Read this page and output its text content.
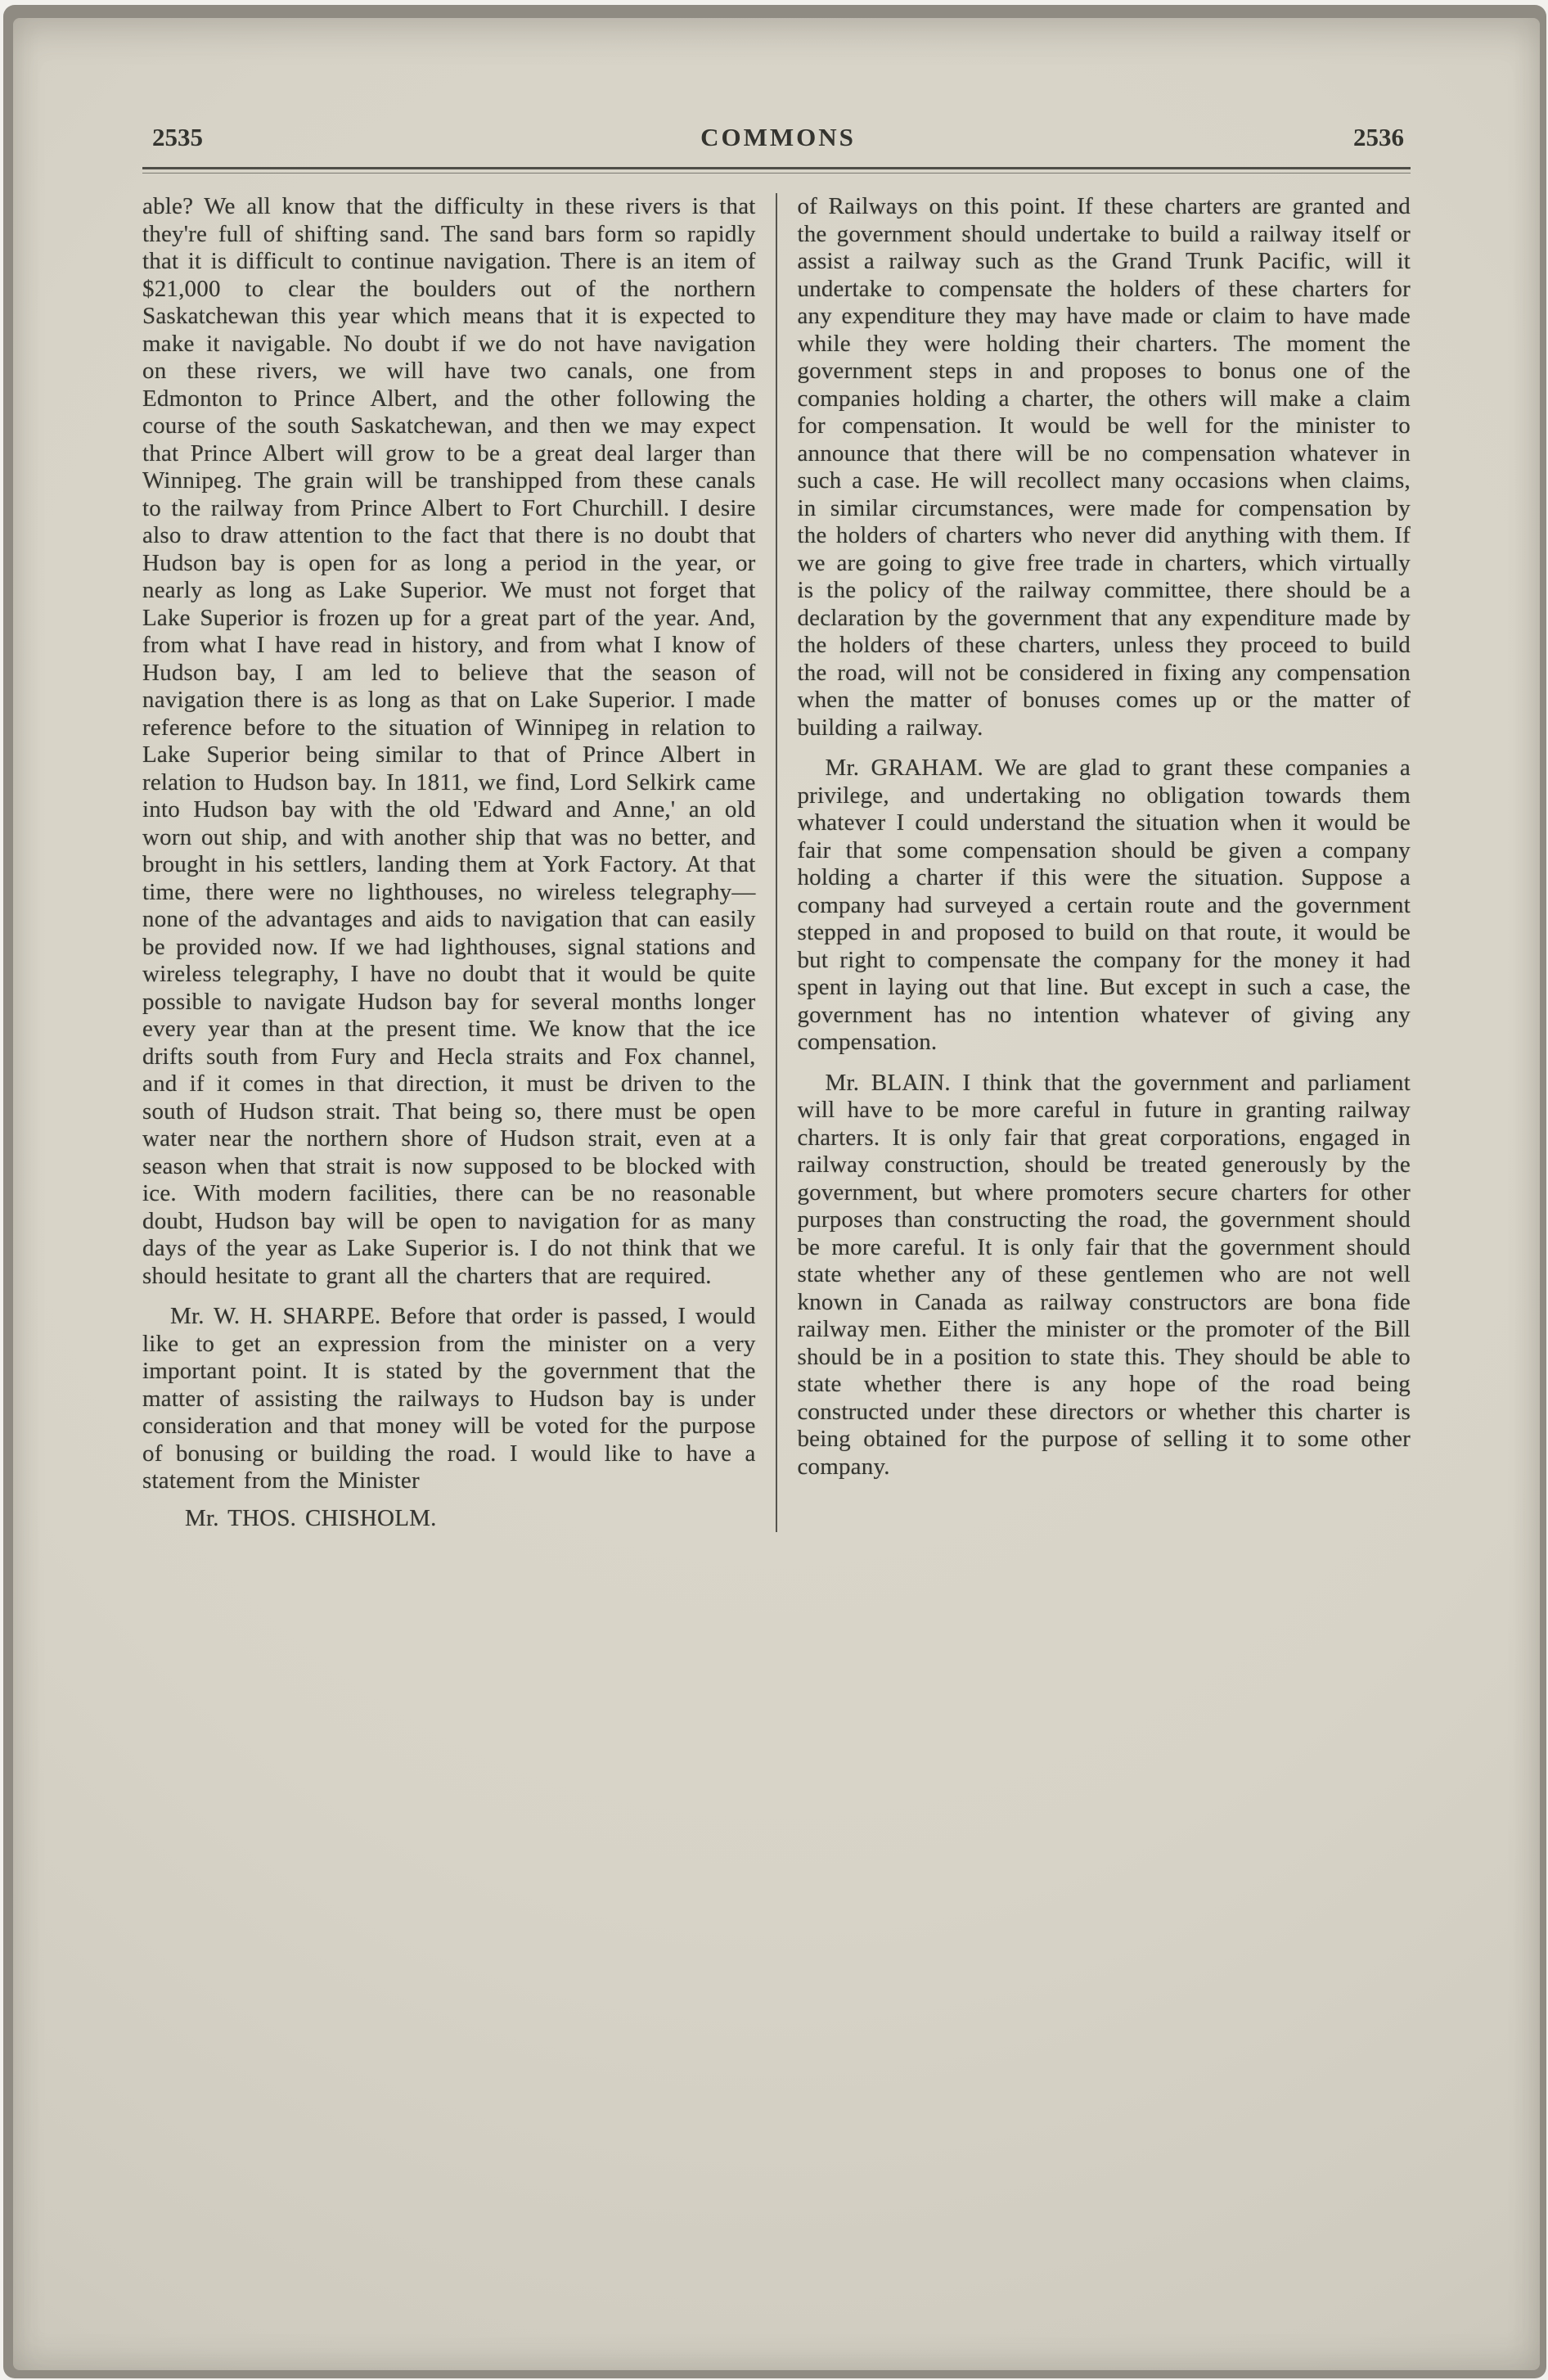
2535	COMMONS	2536

able? We all know that the difficulty in these rivers is that they're full of shifting sand. The sand bars form so rapidly that it is difficult to continue navigation. There is an item of $21,000 to clear the boulders out of the northern Saskatchewan this year which means that it is expected to make it navigable. No doubt if we do not have navigation on these rivers, we will have two canals, one from Edmonton to Prince Albert, and the other following the course of the south Saskatchewan, and then we may expect that Prince Albert will grow to be a great deal larger than Winnipeg. The grain will be transhipped from these canals to the railway from Prince Albert to Fort Churchill. I desire also to draw attention to the fact that there is no doubt that Hudson bay is open for as long a period in the year, or nearly as long as Lake Superior. We must not forget that Lake Superior is frozen up for a great part of the year. And, from what I have read in history, and from what I know of Hudson bay, I am led to believe that the season of navigation there is as long as that on Lake Superior. I made reference before to the situation of Winnipeg in relation to Lake Superior being similar to that of Prince Albert in relation to Hudson bay. In 1811, we find, Lord Selkirk came into Hudson bay with the old 'Edward and Anne,' an old worn out ship, and with another ship that was no better, and brought in his settlers, landing them at York Factory. At that time, there were no lighthouses, no wireless telegraphy—none of the advantages and aids to navigation that can easily be provided now. If we had lighthouses, signal stations and wireless telegraphy, I have no doubt that it would be quite possible to navigate Hudson bay for several months longer every year than at the present time. We know that the ice drifts south from Fury and Hecla straits and Fox channel, and if it comes in that direction, it must be driven to the south of Hudson strait. That being so, there must be open water near the northern shore of Hudson strait, even at a season when that strait is now supposed to be blocked with ice. With modern facilities, there can be no reasonable doubt, Hudson bay will be open to navigation for as many days of the year as Lake Superior is. I do not think that we should hesitate to grant all the charters that are required.

Mr. W. H. SHARPE. Before that order is passed, I would like to get an expression from the minister on a very important point. It is stated by the government that the matter of assisting the railways to Hudson bay is under consideration and that money will be voted for the purpose of bonusing or building the road. I would like to have a statement from the Minister

Mr. THOS. CHISHOLM.

of Railways on this point. If these charters are granted and the government should undertake to build a railway itself or assist a railway such as the Grand Trunk Pacific, will it undertake to compensate the holders of these charters for any expenditure they may have made or claim to have made while they were holding their charters. The moment the government steps in and proposes to bonus one of the companies holding a charter, the others will make a claim for compensation. It would be well for the minister to announce that there will be no compensation whatever in such a case. He will recollect many occasions when claims, in similar circumstances, were made for compensation by the holders of charters who never did anything with them. If we are going to give free trade in charters, which virtually is the policy of the railway committee, there should be a declaration by the government that any expenditure made by the holders of these charters, unless they proceed to build the road, will not be considered in fixing any compensation when the matter of bonuses comes up or the matter of building a railway.

Mr. GRAHAM. We are glad to grant these companies a privilege, and undertaking no obligation towards them whatever I could understand the situation when it would be fair that some compensation should be given a company holding a charter if this were the situation. Suppose a company had surveyed a certain route and the government stepped in and proposed to build on that route, it would be but right to compensate the company for the money it had spent in laying out that line. But except in such a case, the government has no intention whatever of giving any compensation.

Mr. BLAIN. I think that the government and parliament will have to be more careful in future in granting railway charters. It is only fair that great corporations, engaged in railway construction, should be treated generously by the government, but where promoters secure charters for other purposes than constructing the road, the government should be more careful. It is only fair that the government should state whether any of these gentlemen who are not well known in Canada as railway constructors are bona fide railway men. Either the minister or the promoter of the Bill should be in a position to state this. They should be able to state whether there is any hope of the road being constructed under these directors or whether this charter is being obtained for the purpose of selling it to some other company.
